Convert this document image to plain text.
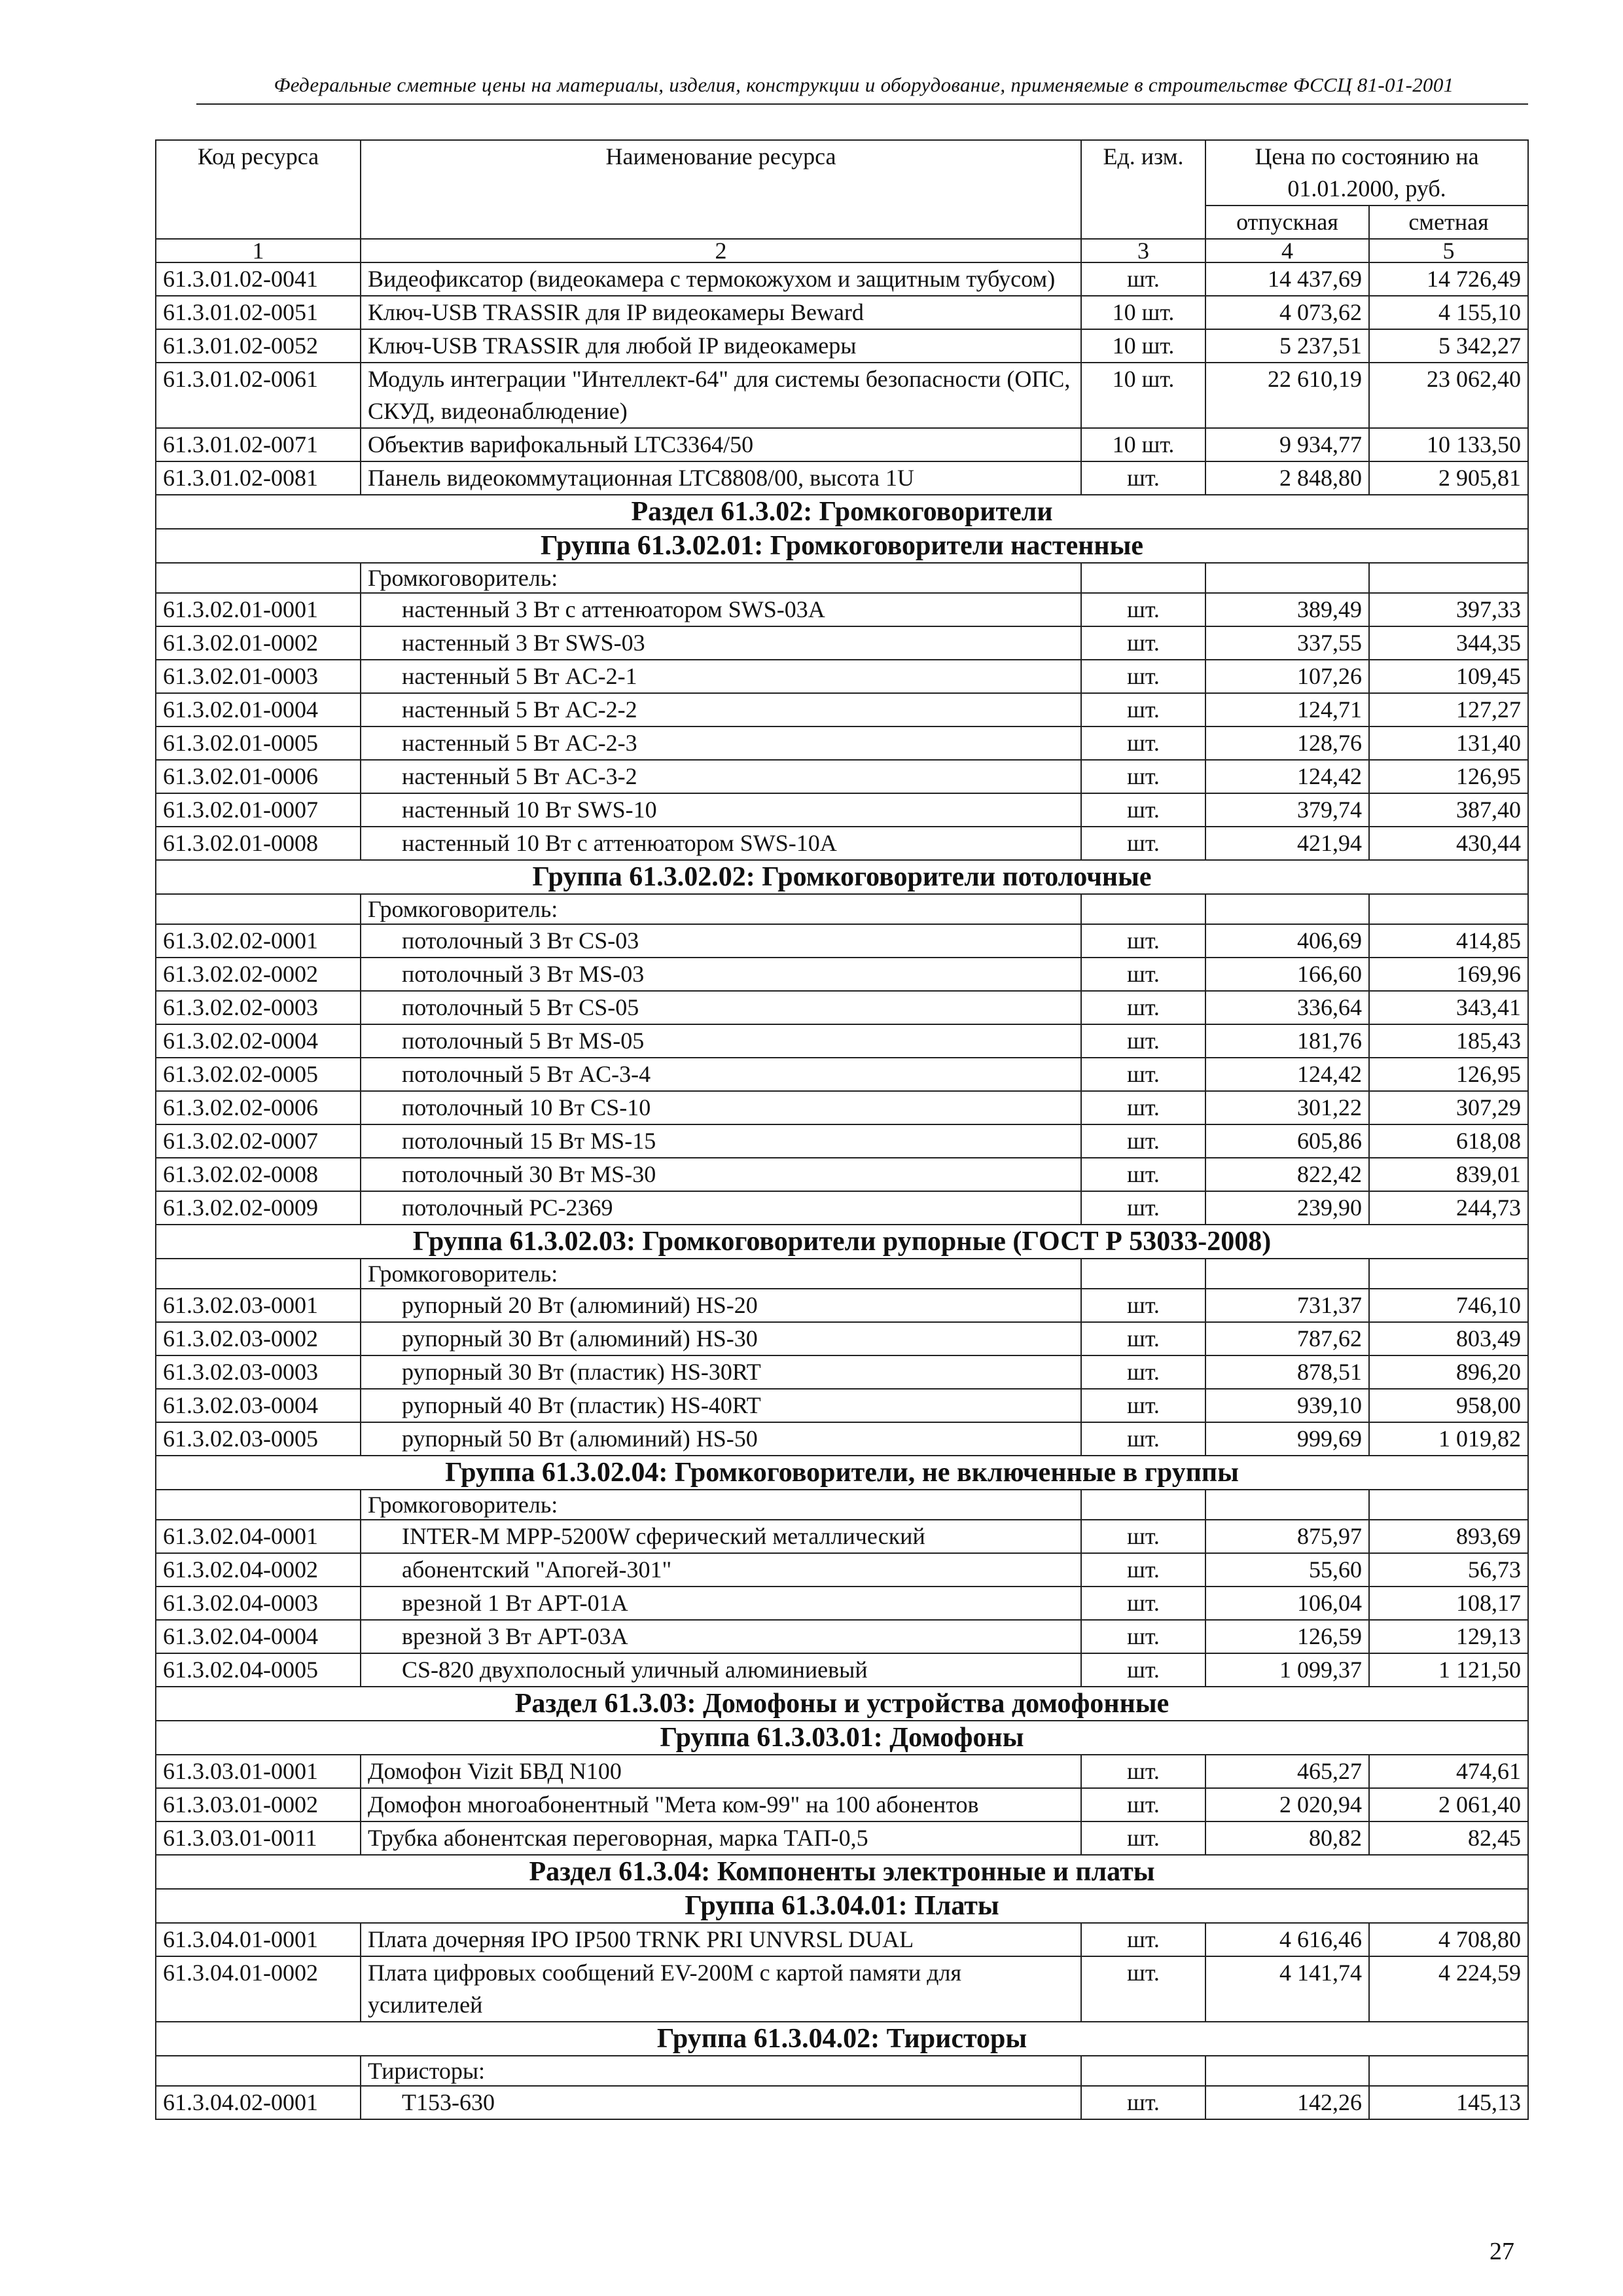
Федеральные сметные цены на материалы, изделия, конструкции и оборудование, применяемые в строительстве ФССЦ 81-01-2001
Код ресурса	Наименование ресурса	Ед. изм.	Цена по состоянию на 01.01.2000, руб.	
			отпускная	сметная
1	2	3	4	5
61.3.01.02-0041	Видеофиксатор (видеокамера с термокожухом и защитным тубусом)	шт.	14 437,69	14 726,49
61.3.01.02-0051	Ключ-USB TRASSIR для IP видеокамеры Beward	10 шт.	4 073,62	4 155,10
61.3.01.02-0052	Ключ-USB TRASSIR для любой IP видеокамеры	10 шт.	5 237,51	5 342,27
61.3.01.02-0061	Модуль интеграции "Интеллект-64" для системы безопасности (ОПС, СКУД, видеонаблюдение)	10 шт.	22 610,19	23 062,40
61.3.01.02-0071	Объектив варифокальный LTC3364/50	10 шт.	9 934,77	10 133,50
61.3.01.02-0081	Панель видеокоммутационная LTC8808/00, высота 1U	шт.	2 848,80	2 905,81
Раздел 61.3.02: Громкоговорители				
Группа 61.3.02.01: Громкоговорители настенные				
	Громкоговоритель:			
61.3.02.01-0001	настенный 3 Вт с аттенюатором SWS-03A	шт.	389,49	397,33
61.3.02.01-0002	настенный 3 Вт SWS-03	шт.	337,55	344,35
61.3.02.01-0003	настенный 5 Вт AC-2-1	шт.	107,26	109,45
61.3.02.01-0004	настенный 5 Вт AC-2-2	шт.	124,71	127,27
61.3.02.01-0005	настенный 5 Вт AC-2-3	шт.	128,76	131,40
61.3.02.01-0006	настенный 5 Вт AC-3-2	шт.	124,42	126,95
61.3.02.01-0007	настенный 10 Вт SWS-10	шт.	379,74	387,40
61.3.02.01-0008	настенный 10 Вт с аттенюатором SWS-10A	шт.	421,94	430,44
Группа 61.3.02.02: Громкоговорители потолочные				
	Громкоговоритель:			
61.3.02.02-0001	потолочный 3 Вт CS-03	шт.	406,69	414,85
61.3.02.02-0002	потолочный 3 Вт MS-03	шт.	166,60	169,96
61.3.02.02-0003	потолочный 5 Вт CS-05	шт.	336,64	343,41
61.3.02.02-0004	потолочный 5 Вт MS-05	шт.	181,76	185,43
61.3.02.02-0005	потолочный 5 Вт AC-3-4	шт.	124,42	126,95
61.3.02.02-0006	потолочный 10 Вт CS-10	шт.	301,22	307,29
61.3.02.02-0007	потолочный 15 Вт MS-15	шт.	605,86	618,08
61.3.02.02-0008	потолочный 30 Вт MS-30	шт.	822,42	839,01
61.3.02.02-0009	потолочный PC-2369	шт.	239,90	244,73
Группа 61.3.02.03: Громкоговорители рупорные (ГОСТ Р 53033-2008)				
	Громкоговоритель:			
61.3.02.03-0001	рупорный 20 Вт (алюминий) HS-20	шт.	731,37	746,10
61.3.02.03-0002	рупорный 30 Вт (алюминий) HS-30	шт.	787,62	803,49
61.3.02.03-0003	рупорный 30 Вт (пластик) HS-30RT	шт.	878,51	896,20
61.3.02.03-0004	рупорный 40 Вт (пластик) HS-40RT	шт.	939,10	958,00
61.3.02.03-0005	рупорный 50 Вт (алюминий) HS-50	шт.	999,69	1 019,82
Группа 61.3.02.04: Громкоговорители, не включенные в группы				
	Громкоговоритель:			
61.3.02.04-0001	INTER-M MPP-5200W сферический металлический	шт.	875,97	893,69
61.3.02.04-0002	абонентский "Апогей-301"	шт.	55,60	56,73
61.3.02.04-0003	врезной 1 Вт APT-01A	шт.	106,04	108,17
61.3.02.04-0004	врезной 3 Вт APT-03A	шт.	126,59	129,13
61.3.02.04-0005	CS-820 двухполосный уличный алюминиевый	шт.	1 099,37	1 121,50
Раздел 61.3.03: Домофоны и устройства домофонные				
Группа 61.3.03.01: Домофоны				
61.3.03.01-0001	Домофон Vizit БВД N100	шт.	465,27	474,61
61.3.03.01-0002	Домофон многоабонентный "Мета ком-99" на 100 абонентов	шт.	2 020,94	2 061,40
61.3.03.01-0011	Трубка абонентская переговорная, марка ТАП-0,5	шт.	80,82	82,45
Раздел 61.3.04: Компоненты электронные и платы				
Группа 61.3.04.01: Платы				
61.3.04.01-0001	Плата дочерняя IPO IP500 TRNK PRI UNVRSL DUAL	шт.	4 616,46	4 708,80
61.3.04.01-0002	Плата цифровых сообщений EV-200M с картой памяти для усилителей	шт.	4 141,74	4 224,59
Группа 61.3.04.02: Тиристоры				
	Тиристоры:			
61.3.04.02-0001	Т153-630	шт.	142,26	145,13
27
